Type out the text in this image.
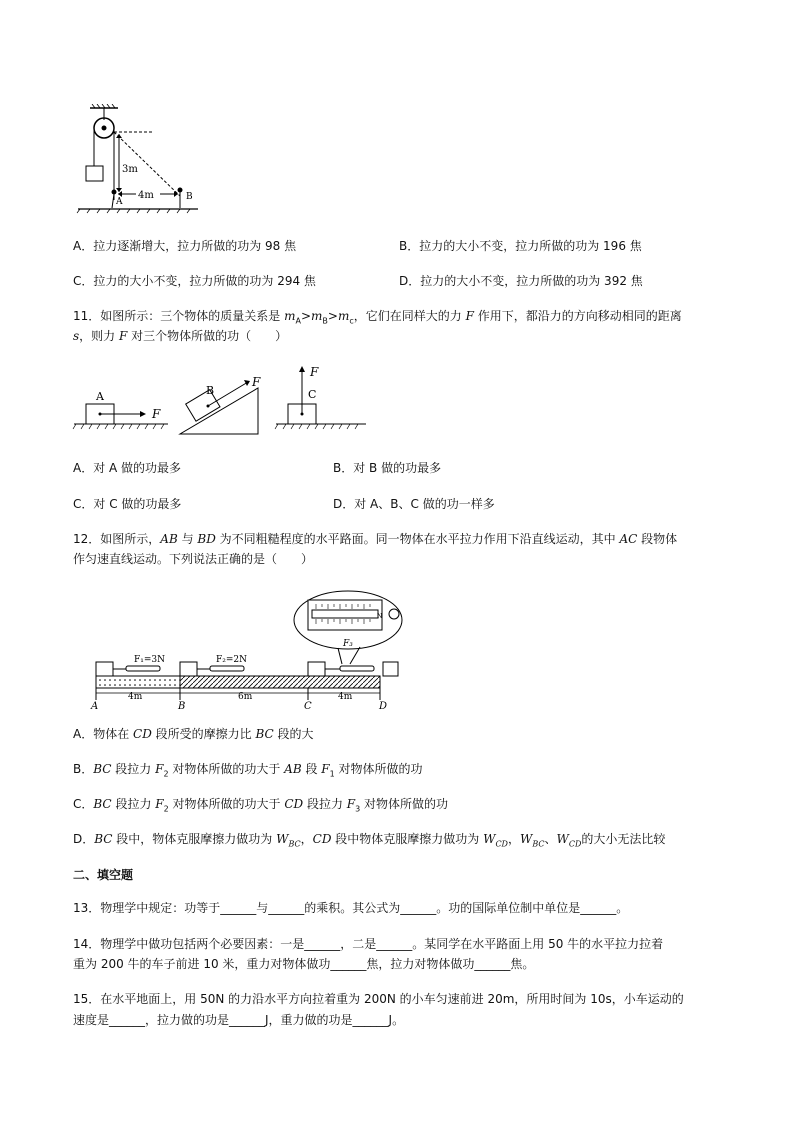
3m
4m
A	B
A．拉力逐渐增大，拉力所做的功为 98 焦	B．拉力的大小不变，拉力所做的功为 196 焦
C．拉力的大小不变，拉力所做的功为 294 焦	D．拉力的大小不变，拉力所做的功为 392 焦
11．如图所示：三个物体的质量关系是 $m_A>m_B>m_c$，它们在同样大的力 F 作用下，都沿力的方向移动相同的距离
s，则力 F 对三个物体所做的功（　　）
A
F
B
F
F
C
A．对 A 做的功最多	B．对 B 做的功最多
C．对 C 做的功最多	D．对 A、B、C 做的功一样多
12．如图所示，AB 与 BD 为不同粗糙程度的水平路面。同一物体在水平拉力作用下沿直线运动，其中 AC 段物体
作匀速直线运动。下列说法正确的是（　　）
N
F₃
F₁=3N	F₂=2N
4m	6m	4m
A	B	C	D
A．物体在 CD 段所受的摩擦力比 BC 段的大
B．BC 段拉力 $F_2$ 对物体所做的功大于 AB 段 $F_1$ 对物体所做的功
C．BC 段拉力 $F_2$ 对物体所做的功大于 CD 段拉力 $F_3$ 对物体所做的功
D．BC 段中，物体克服摩擦力做功为 $W_{BC}$，CD 段中物体克服摩擦力做功为 $W_{CD}$，$W_{BC}$、$W_{CD}$的大小无法比较
二、填空题
13．物理学中规定：功等于______与______的乘积。其公式为______。功的国际单位制中单位是______。
14．物理学中做功包括两个必要因素：一是______，二是______。某同学在水平路面上用 50 牛的水平拉力拉着
重为 200 牛的车子前进 10 米，重力对物体做功______焦，拉力对物体做功______焦。
15．在水平地面上，用 50N 的力沿水平方向拉着重为 200N 的小车匀速前进 20m，所用时间为 10s，小车运动的
速度是______，拉力做的功是______J，重力做的功是______J。
